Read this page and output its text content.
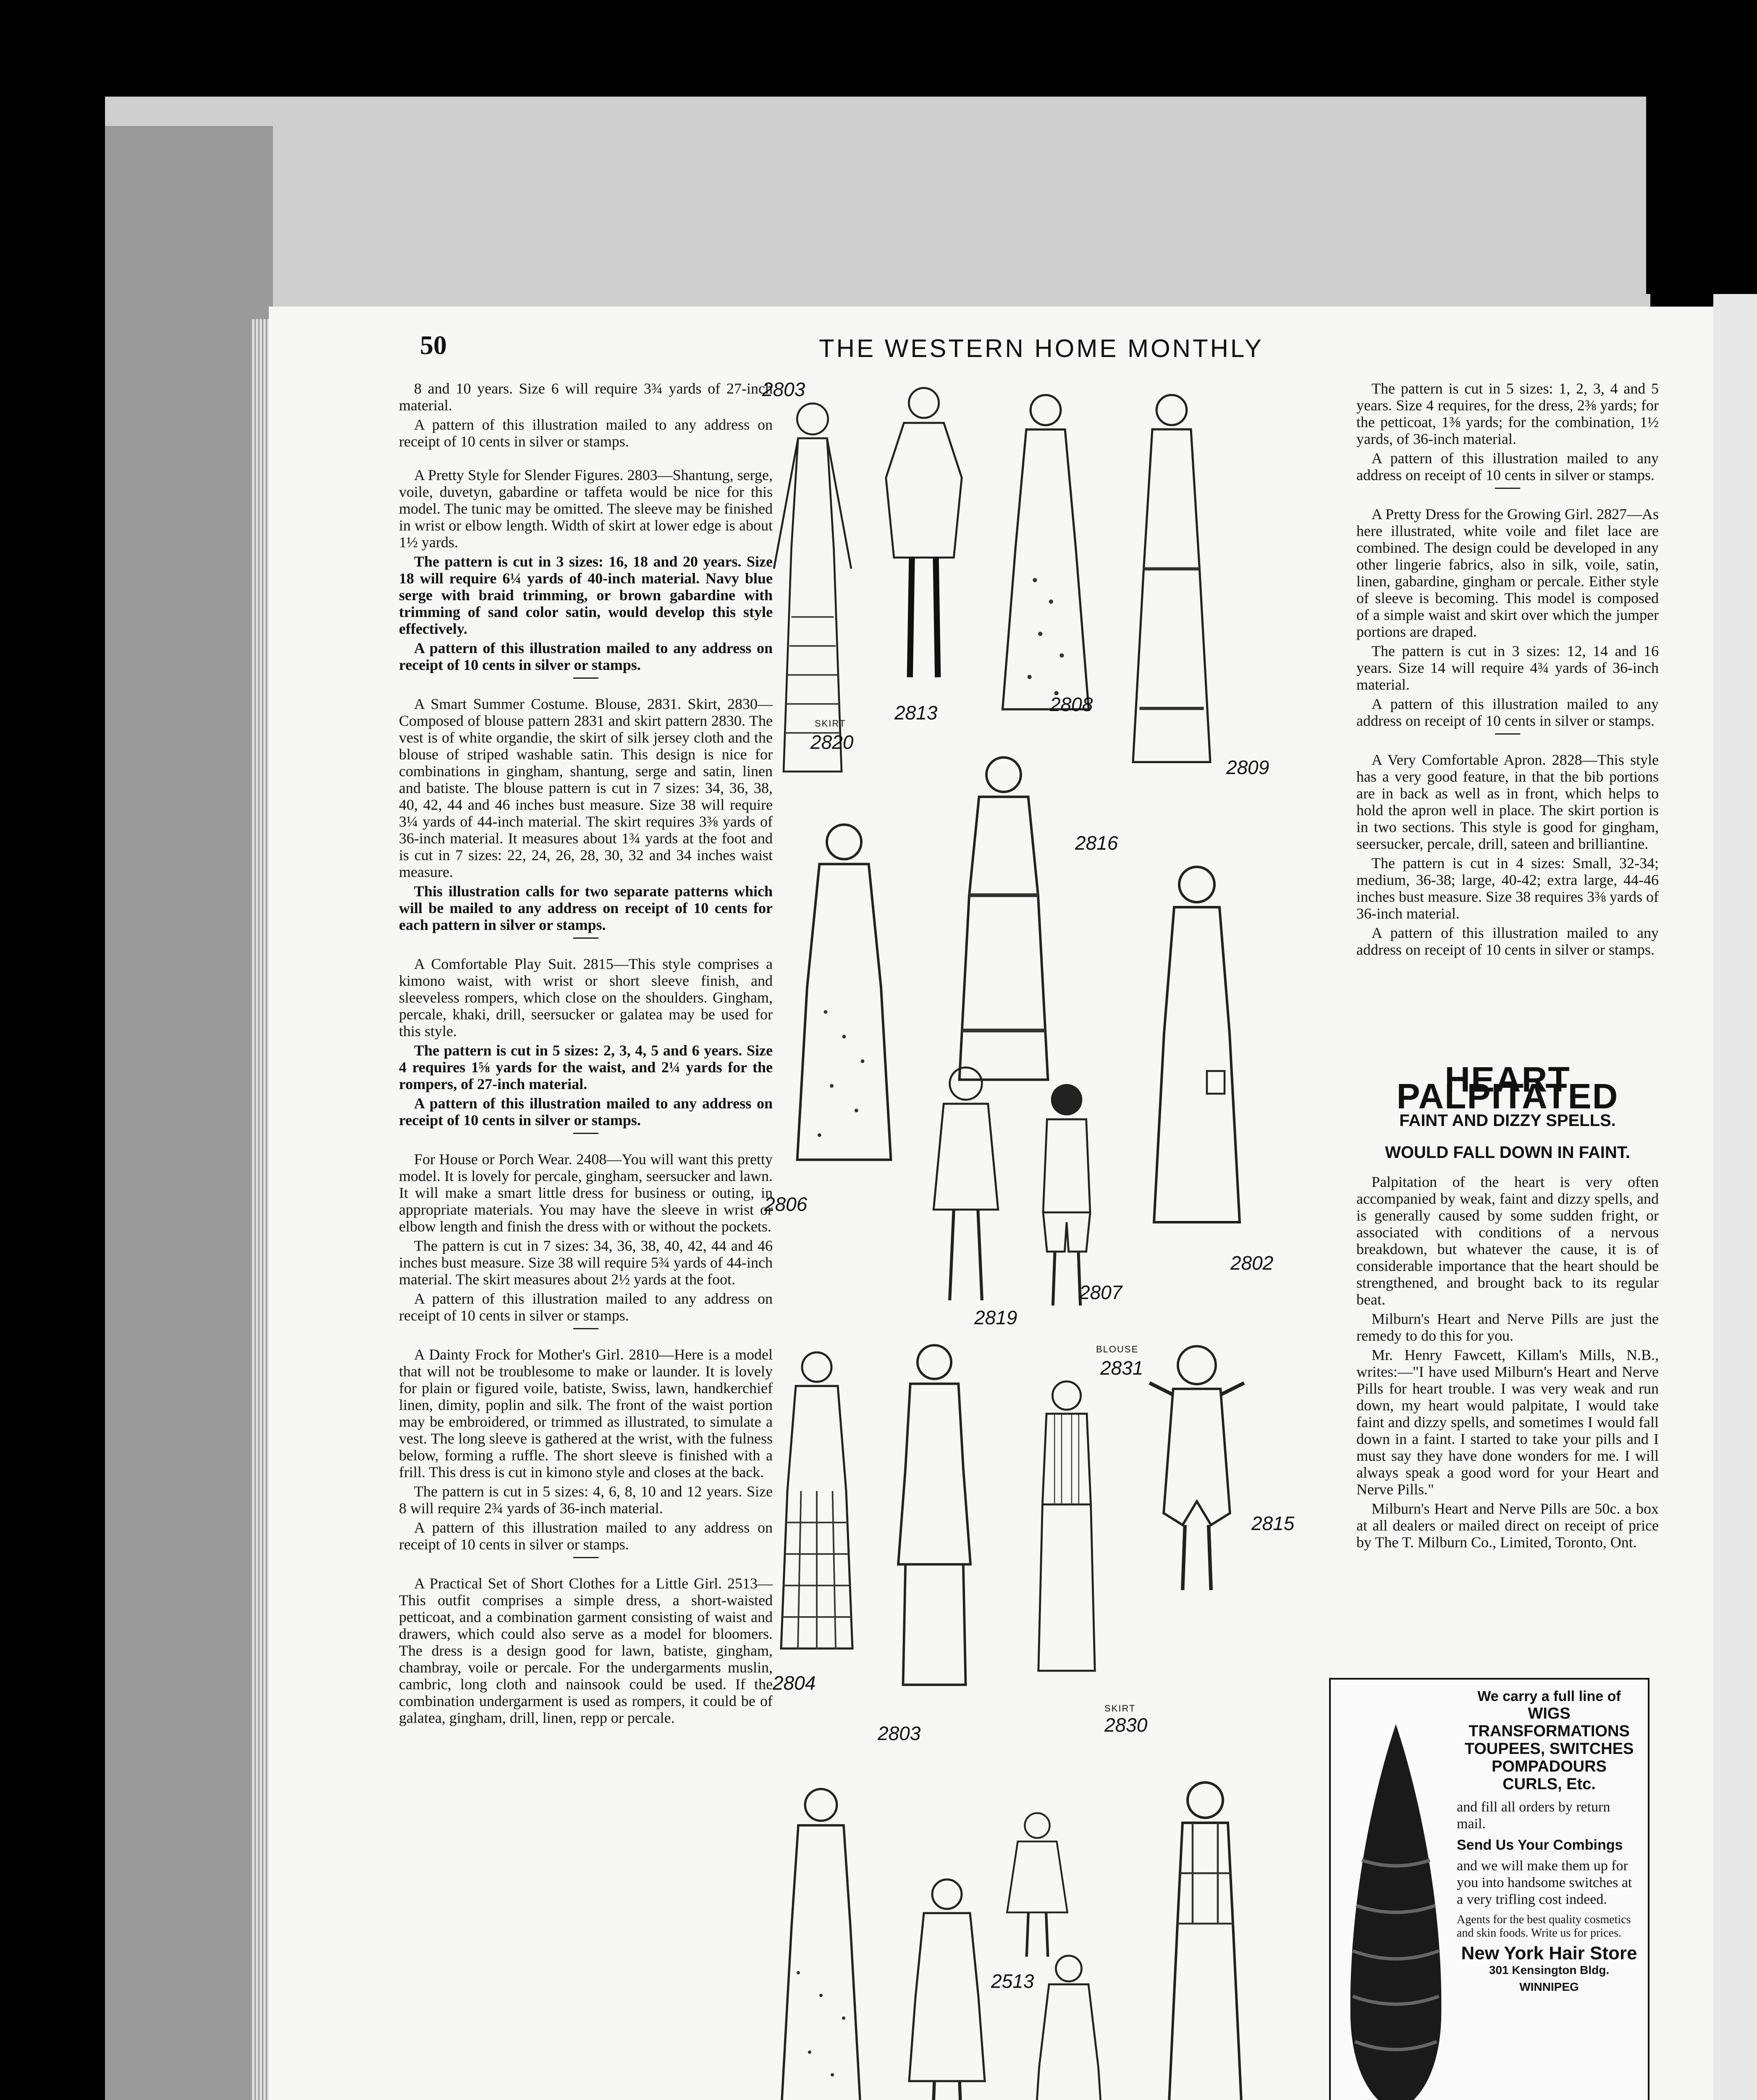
50	THE WESTERN HOME MONTHLY

8 and 10 years. Size 6 will require 3¾ yards of 27-inch material.

A pattern of this illustration mailed to any address on receipt of 10 cents in silver or stamps.

A Pretty Style for Slender Figures. 2803—Shantung, serge, voile, duvetyn, gabardine or taffeta would be nice for this model. The tunic may be omitted. The sleeve may be finished in wrist or elbow length. Width of skirt at lower edge is about 1½ yards.

The pattern is cut in 3 sizes: 16, 18 and 20 years. Size 18 will require 6¼ yards of 40-inch material. Navy blue serge with braid trimming, or brown gabardine with trimming of sand color satin, would develop this style effectively.

A pattern of this illustration mailed to any address on receipt of 10 cents in silver or stamps.

A Smart Summer Costume. Blouse, 2831. Skirt, 2830—Composed of blouse pattern 2831 and skirt pattern 2830. The vest is of white organdie, the skirt of silk jersey cloth and the blouse of striped washable satin. This design is nice for combinations in gingham, shantung, serge and satin, linen and batiste. The blouse pattern is cut in 7 sizes: 34, 36, 38, 40, 42, 44 and 46 inches bust measure. Size 38 will require 3¼ yards of 44-inch material. The skirt requires 3⅜ yards of 36-inch material. It measures about 1¾ yards at the foot and is cut in 7 sizes: 22, 24, 26, 28, 30, 32 and 34 inches waist measure.

This illustration calls for two separate patterns which will be mailed to any address on receipt of 10 cents for each pattern in silver or stamps.

A Comfortable Play Suit. 2815—This style comprises a kimono waist, with wrist or short sleeve finish, and sleeveless rompers, which close on the shoulders. Gingham, percale, khaki, drill, seersucker or galatea may be used for this style.

The pattern is cut in 5 sizes: 2, 3, 4, 5 and 6 years. Size 4 requires 1⅝ yards for the waist, and 2¼ yards for the rompers, of 27-inch material.

A pattern of this illustration mailed to any address on receipt of 10 cents in silver or stamps.

For House or Porch Wear. 2408—You will want this pretty model. It is lovely for percale, gingham, seersucker and lawn. It will make a smart little dress for business or outing, in appropriate materials. You may have the sleeve in wrist or elbow length and finish the dress with or without the pockets.

The pattern is cut in 7 sizes: 34, 36, 38, 40, 42, 44 and 46 inches bust measure. Size 38 will require 5¾ yards of 44-inch material. The skirt measures about 2½ yards at the foot.

A pattern of this illustration mailed to any address on receipt of 10 cents in silver or stamps.

A Dainty Frock for Mother's Girl. 2810—Here is a model that will not be troublesome to make or launder. It is lovely for plain or figured voile, batiste, Swiss, lawn, handkerchief linen, dimity, poplin and silk. The front of the waist portion may be embroidered, or trimmed as illustrated, to simulate a vest. The long sleeve is gathered at the wrist, with the fulness below, forming a ruffle. The short sleeve is finished with a frill. This dress is cut in kimono style and closes at the back.

The pattern is cut in 5 sizes: 4, 6, 8, 10 and 12 years. Size 8 will require 2¾ yards of 36-inch material.

A pattern of this illustration mailed to any address on receipt of 10 cents in silver or stamps.

A Practical Set of Short Clothes for a Little Girl. 2513—This outfit comprises a simple dress, a short-waisted petticoat, and a combination garment consisting of waist and drawers, which could also serve as a model for bloomers. The dress is a design good for lawn, batiste, gingham, chambray, voile or percale. For the undergarments muslin, cambric, long cloth and nainsook could be used. If the combination undergarment is used as rompers, it could be of galatea, gingham, drill, linen, repp or percale.

2803
2813	2808
2809
2820
SKIRT
2816
2806
2819
2807
2802
2804
2803
2831
BLOUSE
2830
SKIRT
2815
2513

The pattern is cut in 5 sizes: 1, 2, 3, 4 and 5 years. Size 4 requires, for the dress, 2⅜ yards; for the petticoat, 1⅜ yards; for the combination, 1½ yards, of 36-inch material.

A pattern of this illustration mailed to any address on receipt of 10 cents in silver or stamps.

A Pretty Dress for the Growing Girl. 2827—As here illustrated, white voile and filet lace are combined. The design could be developed in any other lingerie fabrics, also in silk, voile, satin, linen, gabardine, gingham or percale. Either style of sleeve is becoming. This model is composed of a simple waist and skirt over which the jumper portions are draped.

The pattern is cut in 3 sizes: 12, 14 and 16 years. Size 14 will require 4¾ yards of 36-inch material.

A pattern of this illustration mailed to any address on receipt of 10 cents in silver or stamps.

A Very Comfortable Apron. 2828—This style has a very good feature, in that the bib portions are in back as well as in front, which helps to hold the apron well in place. The skirt portion is in two sections. This style is good for gingham, seersucker, percale, drill, sateen and brilliantine.

The pattern is cut in 4 sizes: Small, 32-34; medium, 36-38; large, 40-42; extra large, 44-46 inches bust measure. Size 38 requires 3⅜ yards of 36-inch material.

A pattern of this illustration mailed to any address on receipt of 10 cents in silver or stamps.

HEART PALPITATED
FAINT AND DIZZY SPELLS.
WOULD FALL DOWN IN FAINT.

Palpitation of the heart is very often accompanied by weak, faint and dizzy spells, and is generally caused by some sudden fright, or associated with conditions of a nervous breakdown, but whatever the cause, it is of considerable importance that the heart should be strengthened, and brought back to its regular beat.

Milburn's Heart and Nerve Pills are just the remedy to do this for you.

Mr. Henry Fawcett, Killam's Mills, N.B., writes:—"I have used Milburn's Heart and Nerve Pills for heart trouble. I was very weak and run down, my heart would palpitate, I would take faint and dizzy spells, and sometimes I would fall down in a faint. I started to take your pills and I must say they have done wonders for me. I will always speak a good word for your Heart and Nerve Pills."

Milburn's Heart and Nerve Pills are 50c. a box at all dealers or mailed direct on receipt of price by The T. Milburn Co., Limited, Toronto, Ont.

We carry a full line of
WIGS
TRANSFORMATIONS
TOUPEES, SWITCHES
POMPADOURS
CURLS, Etc.
and fill all orders by return mail.
Send Us Your Combings
and we will make them up for you into handsome switches at a very trifling cost indeed.
Agents for the best quality cosmetics and skin foods. Write us for prices.
New York Hair Store
301 Kensington Bldg.
WINNIPEG
